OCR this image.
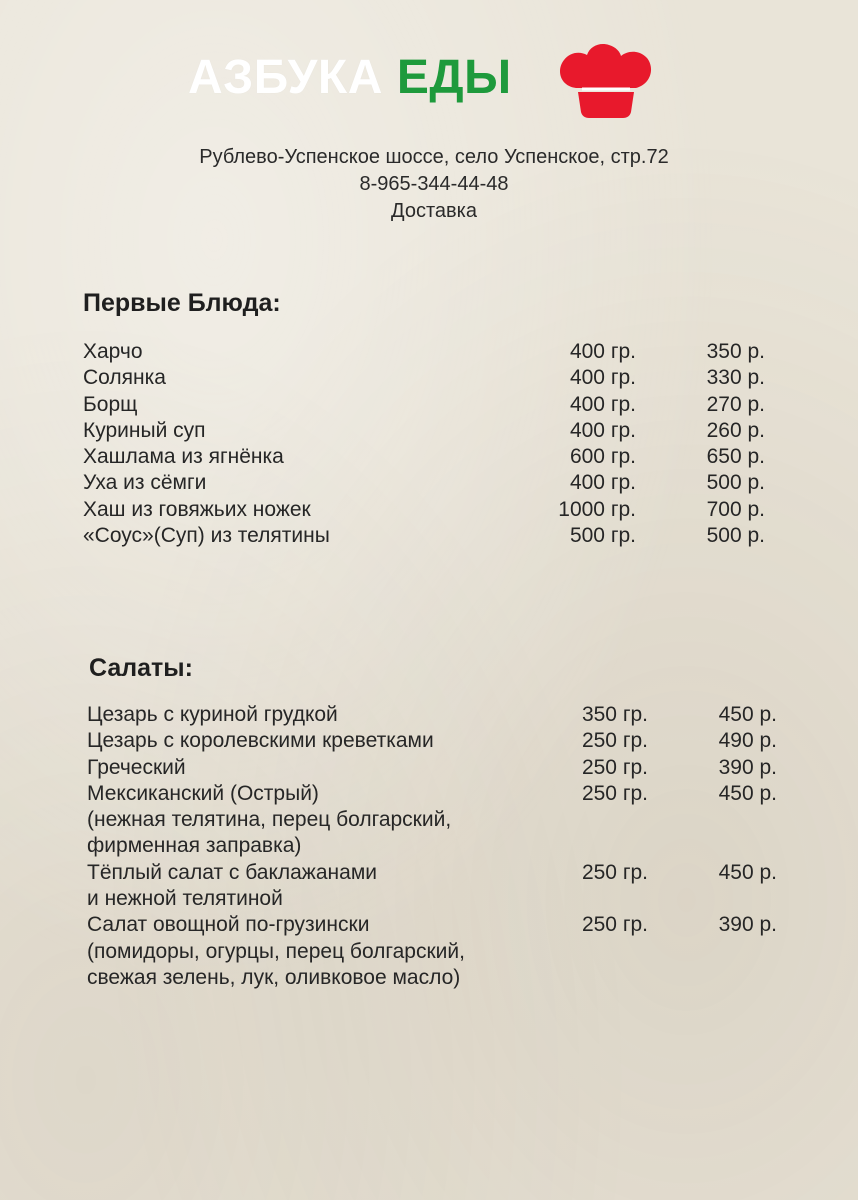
АЗБУКА ЕДЫ
Рублево-Успенское шоссе, село Успенское, стр.72
8-965-344-44-48
Доставка
Первые Блюда:
Харчо	400 гр.	350 р.
Солянка	400 гр.	330 р.
Борщ	400 гр.	270 р.
Куриный суп	400 гр.	260 р.
Хашлама из ягнёнка	600 гр.	650 р.
Уха из сёмги	400 гр.	500 р.
Хаш из говяжьих ножек	1000 гр.	700 р.
«Соус»(Суп) из телятины	500 гр.	500 р.
Салаты:
Цезарь с куриной грудкой	350 гр.	450 р.
Цезарь с королевскими креветками	250 гр.	490 р.
Греческий	250 гр.	390 р.
Мексиканский (Острый)	250 гр.	450 р.
(нежная телятина, перец болгарский,
фирменная заправка)
Тёплый салат с баклажанами	250 гр.	450 р.
и нежной телятиной
Салат овощной по-грузински	250 гр.	390 р.
(помидоры, огурцы, перец болгарский,
свежая зелень, лук, оливковое масло)
